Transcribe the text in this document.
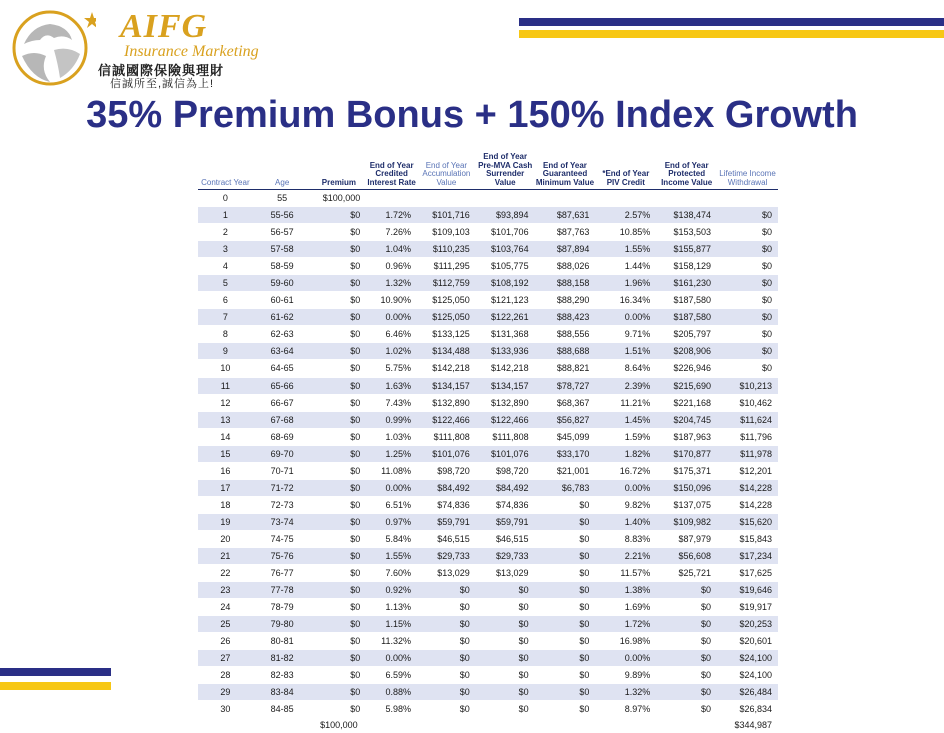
AIFG
Insurance Marketing
信誠國際保險與理財
信誠所至,誠信為上!
35% Premium Bonus + 150% Index Growth
Contract Year	Age	Premium	End of Year Credited Interest Rate	End of Year Accumulation Value	End of Year Pre-MVA Cash Surrender Value	End of Year Guaranteed Minimum Value	*End of Year PIV Credit	End of Year Protected Income Value	Lifetime Income Withdrawal
0	55	$100,000							
1	55-56	$0	1.72%	$101,716	$93,894	$87,631	2.57%	$138,474	$0
2	56-57	$0	7.26%	$109,103	$101,706	$87,763	10.85%	$153,503	$0
3	57-58	$0	1.04%	$110,235	$103,764	$87,894	1.55%	$155,877	$0
4	58-59	$0	0.96%	$111,295	$105,775	$88,026	1.44%	$158,129	$0
5	59-60	$0	1.32%	$112,759	$108,192	$88,158	1.96%	$161,230	$0
6	60-61	$0	10.90%	$125,050	$121,123	$88,290	16.34%	$187,580	$0
7	61-62	$0	0.00%	$125,050	$122,261	$88,423	0.00%	$187,580	$0
8	62-63	$0	6.46%	$133,125	$131,368	$88,556	9.71%	$205,797	$0
9	63-64	$0	1.02%	$134,488	$133,936	$88,688	1.51%	$208,906	$0
10	64-65	$0	5.75%	$142,218	$142,218	$88,821	8.64%	$226,946	$0
11	65-66	$0	1.63%	$134,157	$134,157	$78,727	2.39%	$215,690	$10,213
12	66-67	$0	7.43%	$132,890	$132,890	$68,367	11.21%	$221,168	$10,462
13	67-68	$0	0.99%	$122,466	$122,466	$56,827	1.45%	$204,745	$11,624
14	68-69	$0	1.03%	$111,808	$111,808	$45,099	1.59%	$187,963	$11,796
15	69-70	$0	1.25%	$101,076	$101,076	$33,170	1.82%	$170,877	$11,978
16	70-71	$0	11.08%	$98,720	$98,720	$21,001	16.72%	$175,371	$12,201
17	71-72	$0	0.00%	$84,492	$84,492	$6,783	0.00%	$150,096	$14,228
18	72-73	$0	6.51%	$74,836	$74,836	$0	9.82%	$137,075	$14,228
19	73-74	$0	0.97%	$59,791	$59,791	$0	1.40%	$109,982	$15,620
20	74-75	$0	5.84%	$46,515	$46,515	$0	8.83%	$87,979	$15,843
21	75-76	$0	1.55%	$29,733	$29,733	$0	2.21%	$56,608	$17,234
22	76-77	$0	7.60%	$13,029	$13,029	$0	11.57%	$25,721	$17,625
23	77-78	$0	0.92%	$0	$0	$0	1.38%	$0	$19,646
24	78-79	$0	1.13%	$0	$0	$0	1.69%	$0	$19,917
25	79-80	$0	1.15%	$0	$0	$0	1.72%	$0	$20,253
26	80-81	$0	11.32%	$0	$0	$0	16.98%	$0	$20,601
27	81-82	$0	0.00%	$0	$0	$0	0.00%	$0	$24,100
28	82-83	$0	6.59%	$0	$0	$0	9.89%	$0	$24,100
29	83-84	$0	0.88%	$0	$0	$0	1.32%	$0	$26,484
30	84-85	$0	5.98%	$0	$0	$0	8.97%	$0	$26,834
		$100,000							$344,987
